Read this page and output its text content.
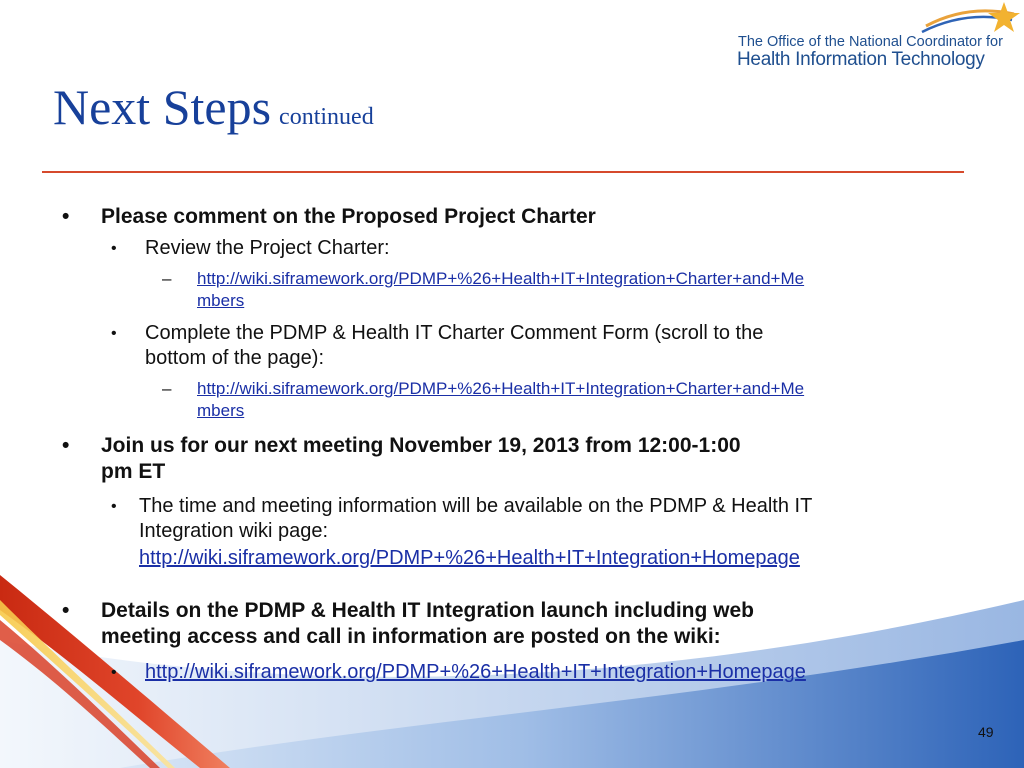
The Office of the National Coordinator for
Health Information Technology
Next Steps continued
• Please comment on the Proposed Project Charter
• Review the Project Charter:
– http://wiki.siframework.org/PDMP+%26+Health+IT+Integration+Charter+and+Me
mbers
• Complete the PDMP & Health IT Charter Comment Form (scroll to the
bottom of the page):
– http://wiki.siframework.org/PDMP+%26+Health+IT+Integration+Charter+and+Me
mbers
• Join us for our next meeting November 19, 2013 from 12:00-1:00
pm ET
• The time and meeting information will be available on the PDMP & Health IT
Integration wiki page:
http://wiki.siframework.org/PDMP+%26+Health+IT+Integration+Homepage
• Details on the PDMP & Health IT Integration launch including web
meeting access and call in information are posted on the wiki:
• http://wiki.siframework.org/PDMP+%26+Health+IT+Integration+Homepage
49
